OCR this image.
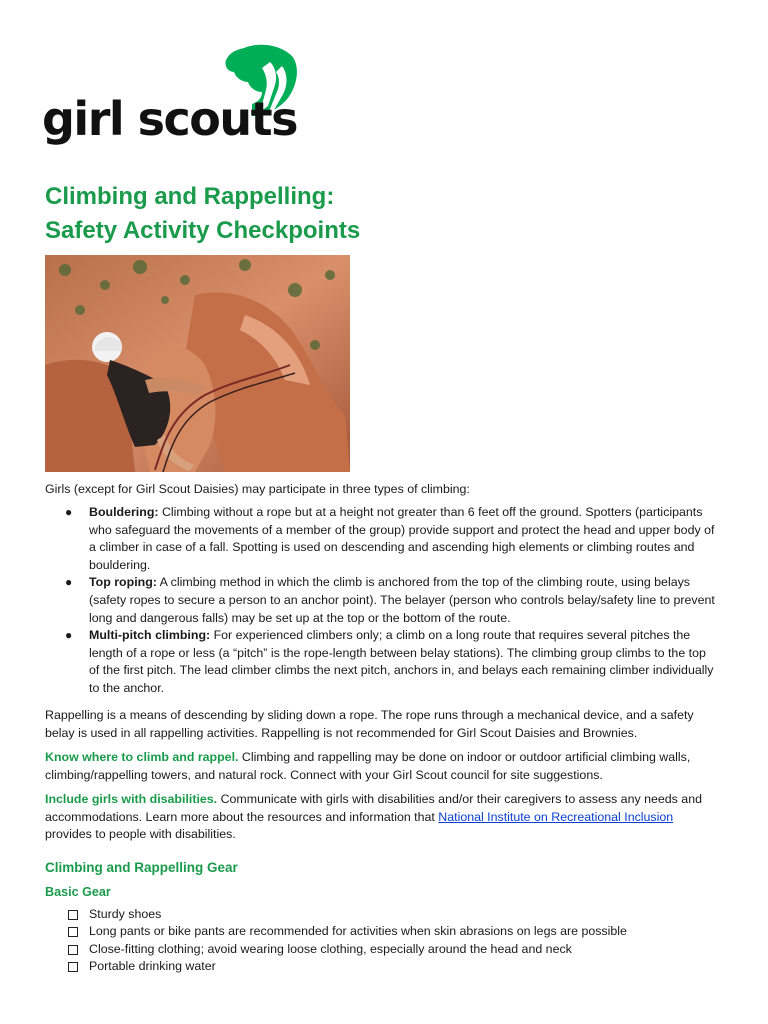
girl scouts
Climbing and Rappelling:
Safety Activity Checkpoints
Girls (except for Girl Scout Daisies) may participate in three types of climbing:
● Bouldering: Climbing without a rope but at a height not greater than 6 feet off the ground. Spotters (participants who safeguard the movements of a member of the group) provide support and protect the head and upper body of a climber in case of a fall. Spotting is used on descending and ascending high elements or climbing routes and bouldering.
● Top roping: A climbing method in which the climb is anchored from the top of the climbing route, using belays (safety ropes to secure a person to an anchor point). The belayer (person who controls belay/safety line to prevent long and dangerous falls) may be set up at the top or the bottom of the route.
● Multi-pitch climbing: For experienced climbers only; a climb on a long route that requires several pitches the length of a rope or less (a “pitch” is the rope-length between belay stations). The climbing group climbs to the top of the first pitch. The lead climber climbs the next pitch, anchors in, and belays each remaining climber individually to the anchor.
Rappelling is a means of descending by sliding down a rope. The rope runs through a mechanical device, and a safety belay is used in all rappelling activities. Rappelling is not recommended for Girl Scout Daisies and Brownies.
Know where to climb and rappel. Climbing and rappelling may be done on indoor or outdoor artificial climbing walls, climbing/rappelling towers, and natural rock. Connect with your Girl Scout council for site suggestions.
Include girls with disabilities. Communicate with girls with disabilities and/or their caregivers to assess any needs and accommodations. Learn more about the resources and information that National Institute on Recreational Inclusion provides to people with disabilities.
Climbing and Rappelling Gear
Basic Gear
Sturdy shoes
Long pants or bike pants are recommended for activities when skin abrasions on legs are possible
Close-fitting clothing; avoid wearing loose clothing, especially around the head and neck
Portable drinking water
